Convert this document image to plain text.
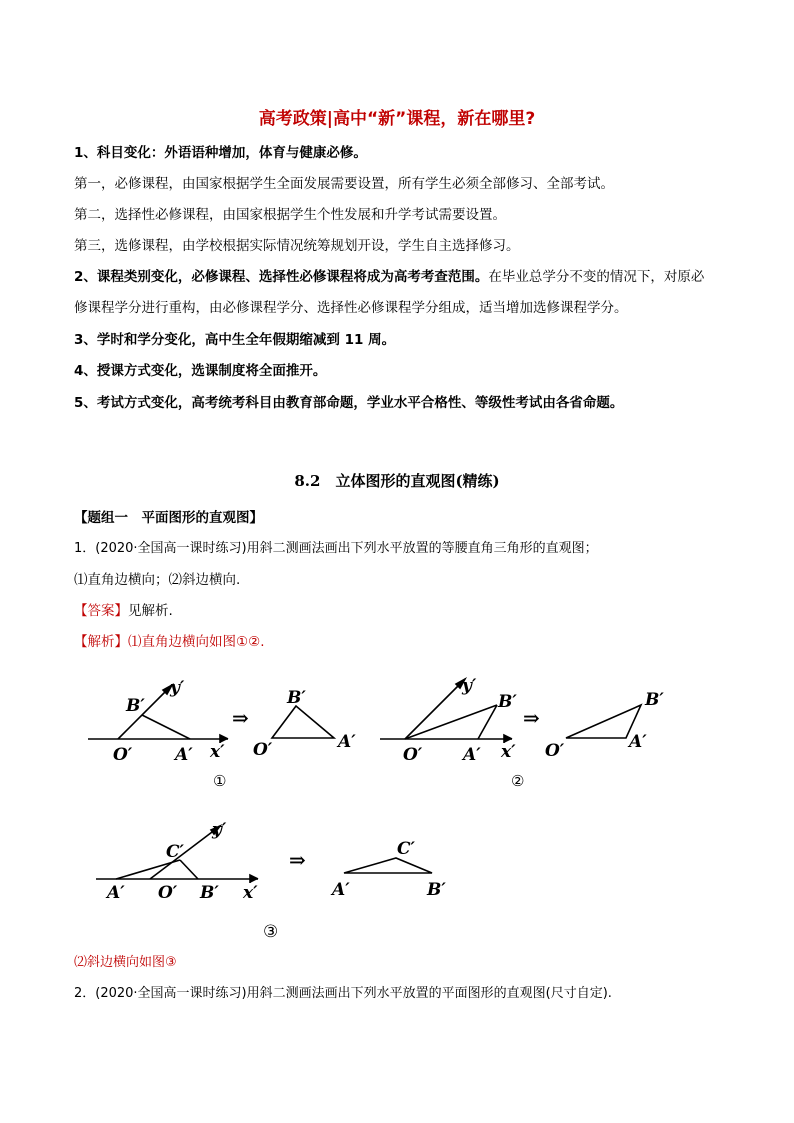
高考政策|高中“新”课程，新在哪里?
1、科目变化：外语语种增加，体育与健康必修。
第一，必修课程，由国家根据学生全面发展需要设置，所有学生必须全部修习、全部考试。
第二，选择性必修课程，由国家根据学生个性发展和升学考试需要设置。
第三，选修课程，由学校根据实际情况统筹规划开设，学生自主选择修习。
2、课程类别变化，必修课程、选择性必修课程将成为高考考查范围。在毕业总学分不变的情况下，对原必
修课程学分进行重构，由必修课程学分、选择性必修课程学分组成，适当增加选修课程学分。
3、学时和学分变化，高中生全年假期缩减到 11 周。
4、授课方式变化，选课制度将全面推开。
5、考试方式变化，高考统考科目由教育部命题，学业水平合格性、等级性考试由各省命题。
8.2　立体图形的直观图(精练)
【题组一　平面图形的直观图】
1．(2020·全国高一课时练习)用斜二测画法画出下列水平放置的等腰直角三角形的直观图；
⑴直角边横向；⑵斜边横向.
【答案】见解析.
【解析】⑴直角边横向如图①②.
B′
y′
O′	A′ x′
⇒
B′
O′	A′
①
y′
B′
O′ A′ x′
⇒
B′
O′	A′
②
C′
y′
A′ O′ B′ x′
⇒	C′
A′	B′
③
⑵斜边横向如图③
2．(2020·全国高一课时练习)用斜二测画法画出下列水平放置的平面图形的直观图(尺寸自定).
